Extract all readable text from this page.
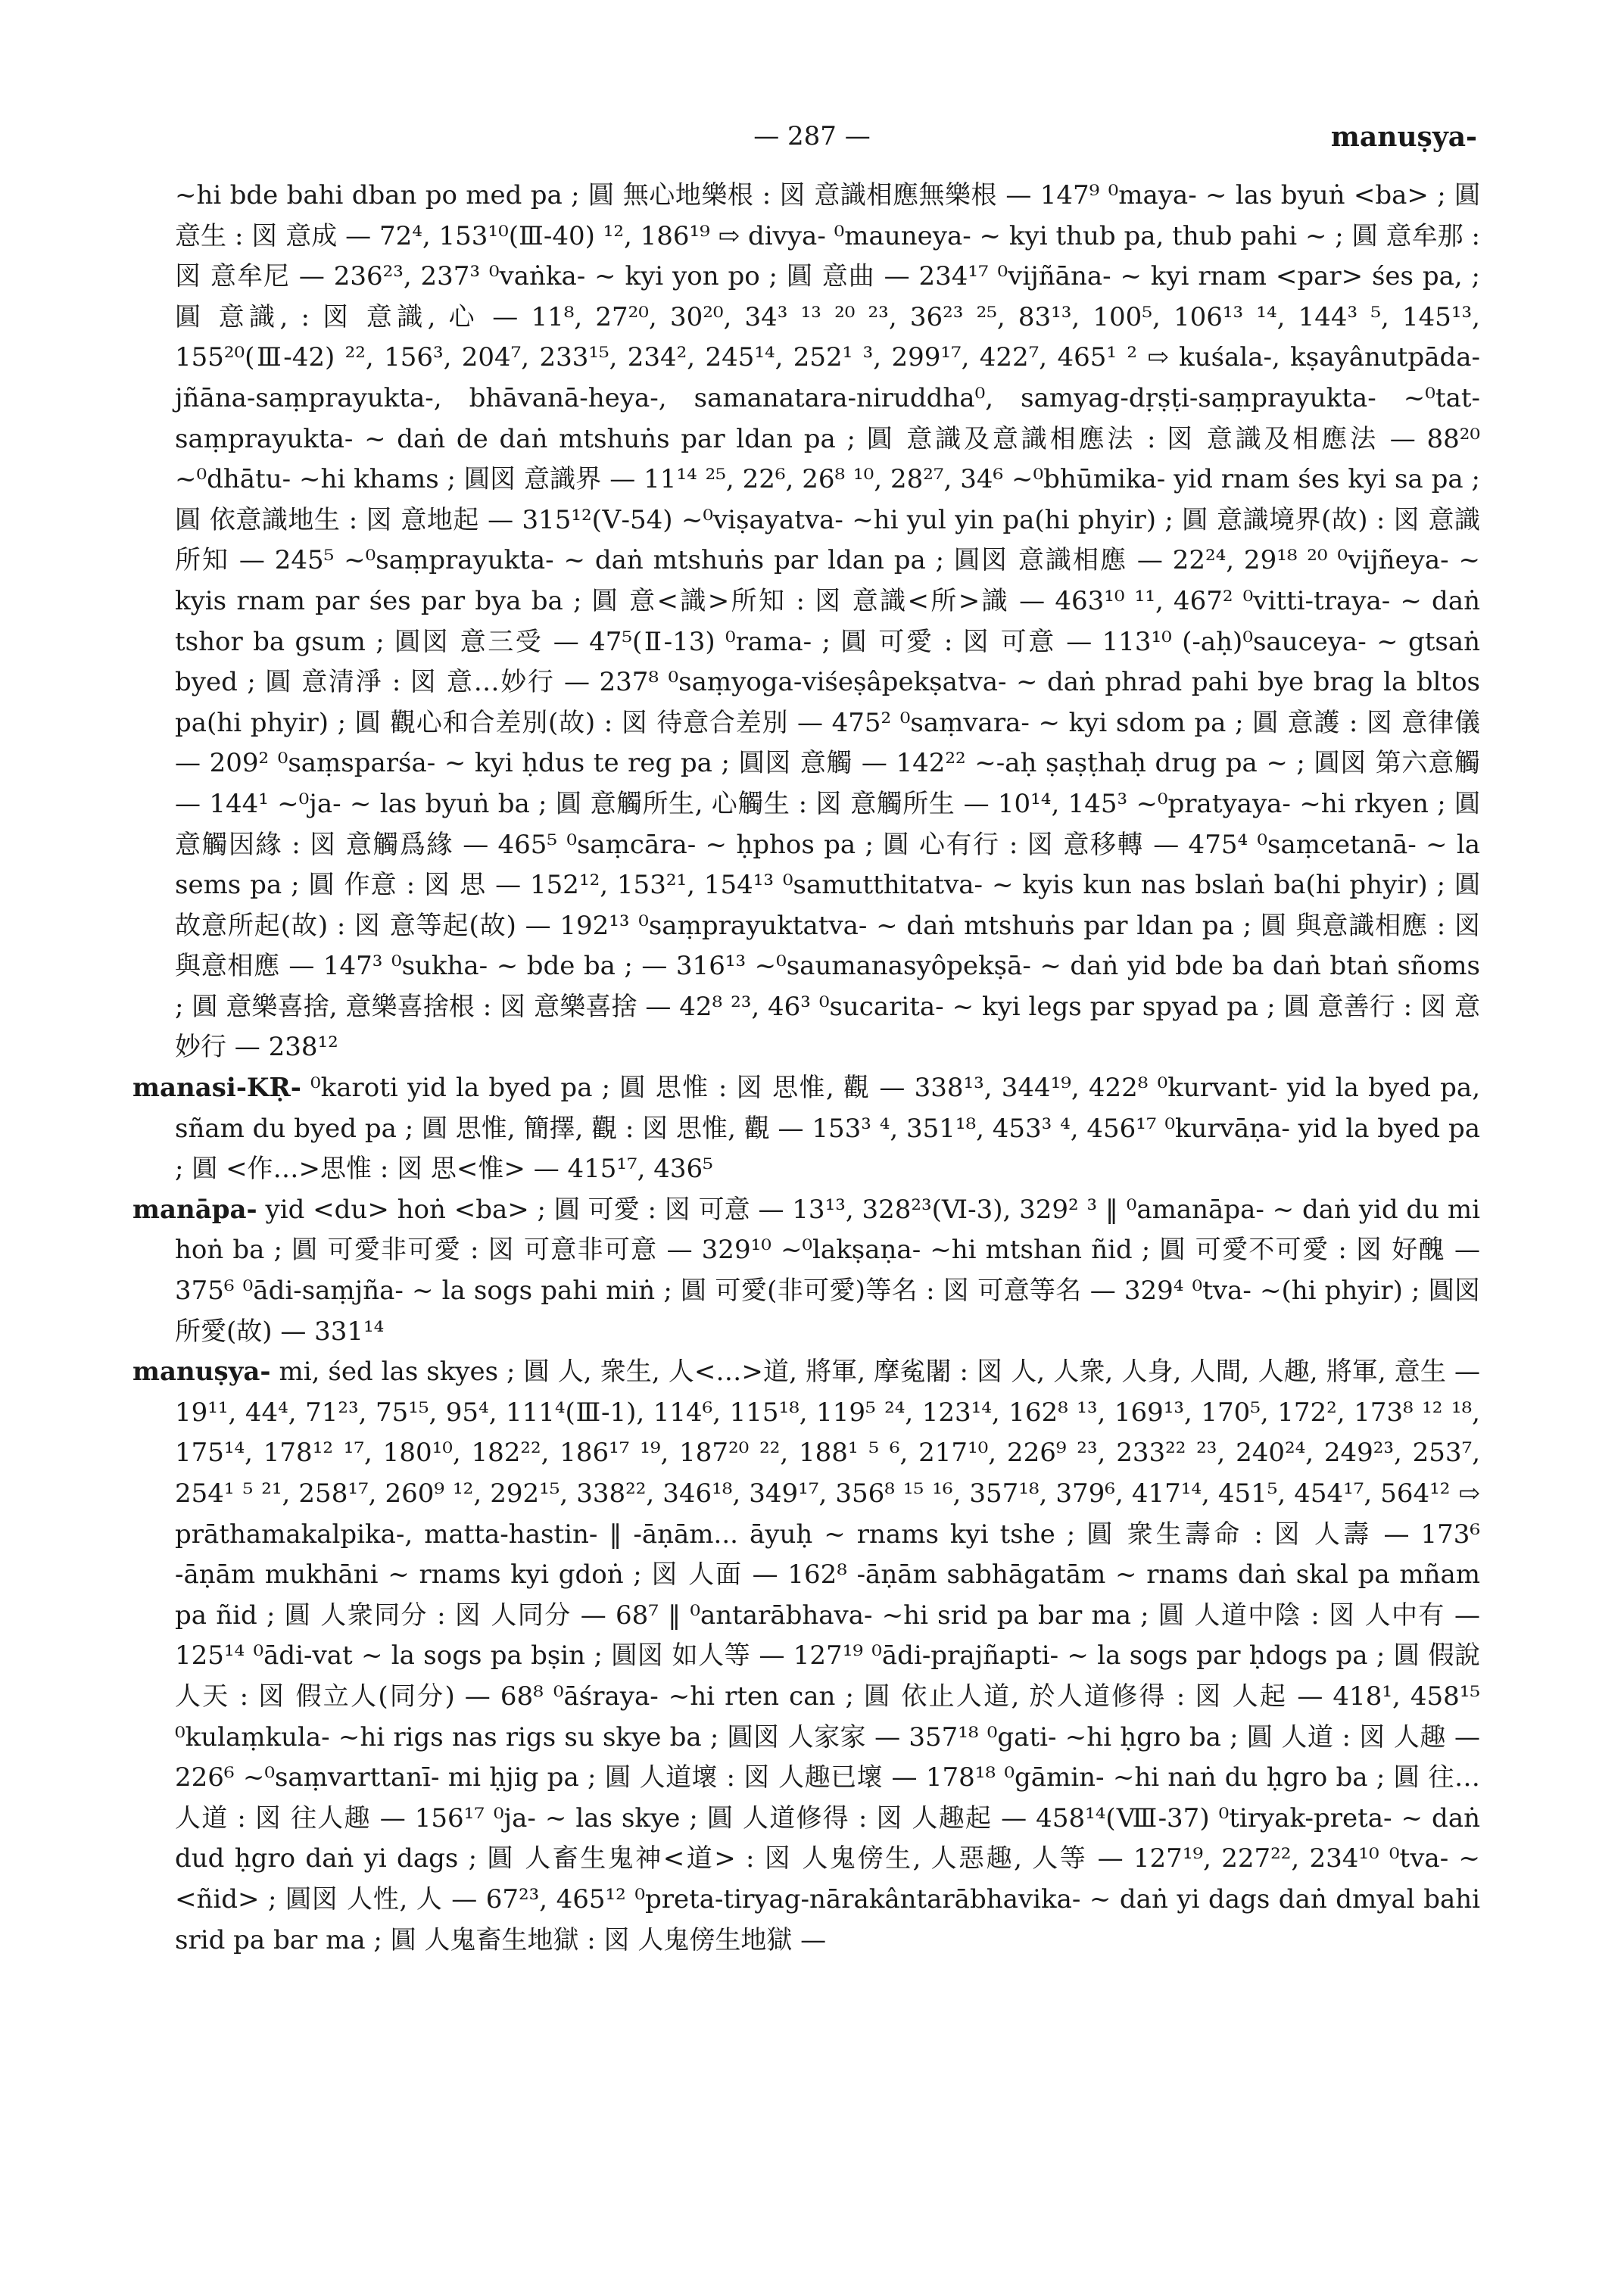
— 287 —	manuṣya-

~hi bde bahi dban po med pa ; 圓 無心地樂根 : 図 意識相應無樂根 — 147⁹ ⁰maya- ~ las byuṅ <ba> ; 圓 意生 : 図 意成 — 72⁴, 153¹⁰(Ⅲ-40) ¹², 186¹⁹ ⇨ divya- ⁰mauneya- ~ kyi thub pa, thub pahi ~ ; 圓 意牟那 : 図 意牟尼 — 236²³, 237³ ⁰vaṅka- ~ kyi yon po ; 圓 意曲 — 234¹⁷ ⁰vijñāna- ~ kyi rnam <par> śes pa, ; 圓 意識, : 図 意識, 心 — 11⁸, 27²⁰, 30²⁰, 34³ ¹³ ²⁰ ²³, 36²³ ²⁵, 83¹³, 100⁵, 106¹³ ¹⁴, 144³ ⁵, 145¹³, 155²⁰(Ⅲ-42) ²², 156³, 204⁷, 233¹⁵, 234², 245¹⁴, 252¹ ³, 299¹⁷, 422⁷, 465¹ ² ⇨ kuśala-, kṣayânutpāda-jñāna-saṃprayukta-, bhāvanā-heya-, samanatara-niruddha⁰, samyag-dṛṣṭi-saṃprayukta- ~⁰tat-saṃprayukta- ~ daṅ de daṅ mtshuṅs par ldan pa ; 圓 意識及意識相應法 : 図 意識及相應法 — 88²⁰ ~⁰dhātu- ~hi khams ; 圓図 意識界 — 11¹⁴ ²⁵, 22⁶, 26⁸ ¹⁰, 28²⁷, 34⁶ ~⁰bhūmika- yid rnam śes kyi sa pa ; 圓 依意識地生 : 図 意地起 — 315¹²(Ⅴ-54) ~⁰viṣayatva- ~hi yul yin pa(hi phyir) ; 圓 意識境界(故) : 図 意識所知 — 245⁵ ~⁰saṃprayukta- ~ daṅ mtshuṅs par ldan pa ; 圓図 意識相應 — 22²⁴, 29¹⁸ ²⁰ ⁰vijñeya- ~ kyis rnam par śes par bya ba ; 圓 意<識>所知 : 図 意識<所>識 — 463¹⁰ ¹¹, 467² ⁰vitti-traya- ~ daṅ tshor ba gsum ; 圓図 意三受 — 47⁵(Ⅱ-13) ⁰rama- ; 圓 可愛 : 図 可意 — 113¹⁰ (-aḥ)⁰sauceya- ~ gtsaṅ byed ; 圓 意清淨 : 図 意…妙行 — 237⁸ ⁰saṃyoga-viśeṣâpekṣatva- ~ daṅ phrad pahi bye brag la bltos pa(hi phyir) ; 圓 觀心和合差別(故) : 図 待意合差別 — 475² ⁰saṃvara- ~ kyi sdom pa ; 圓 意護 : 図 意律儀 — 209² ⁰saṃsparśa- ~ kyi ḥdus te reg pa ; 圓図 意觸 — 142²² ~-aḥ ṣaṣṭhaḥ drug pa ~ ; 圓図 第六意觸 — 144¹ ~⁰ja- ~ las byuṅ ba ; 圓 意觸所生, 心觸生 : 図 意觸所生 — 10¹⁴, 145³ ~⁰pratyaya- ~hi rkyen ; 圓 意觸因緣 : 図 意觸爲緣 — 465⁵ ⁰saṃcāra- ~ ḥphos pa ; 圓 心有行 : 図 意移轉 — 475⁴ ⁰saṃcetanā- ~ la sems pa ; 圓 作意 : 図 思 — 152¹², 153²¹, 154¹³ ⁰samutthitatva- ~ kyis kun nas bslaṅ ba(hi phyir) ; 圓 故意所起(故) : 図 意等起(故) — 192¹³ ⁰saṃprayuktatva- ~ daṅ mtshuṅs par ldan pa ; 圓 與意識相應 : 図 與意相應 — 147³ ⁰sukha- ~ bde ba ; — 316¹³ ~⁰saumanasyôpekṣā- ~ daṅ yid bde ba daṅ btaṅ sñoms ; 圓 意樂喜捨, 意樂喜捨根 : 図 意樂喜捨 — 42⁸ ²³, 46³ ⁰sucarita- ~ kyi legs par spyad pa ; 圓 意善行 : 図 意妙行 — 238¹²

manasi-KṚ- ⁰karoti yid la byed pa ; 圓 思惟 : 図 思惟, 觀 — 338¹³, 344¹⁹, 422⁸ ⁰kurvant- yid la byed pa, sñam du byed pa ; 圓 思惟, 簡擇, 觀 : 図 思惟, 觀 — 153³ ⁴, 351¹⁸, 453³ ⁴, 456¹⁷ ⁰kurvāṇa- yid la byed pa ; 圓 <作…>思惟 : 図 思<惟> — 415¹⁷, 436⁵

manāpa- yid <du> hoṅ <ba> ; 圓 可愛 : 図 可意 — 13¹³, 328²³(Ⅵ-3), 329² ³ ‖ ⁰amanāpa- ~ daṅ yid du mi hoṅ ba ; 圓 可愛非可愛 : 図 可意非可意 — 329¹⁰ ~⁰lakṣaṇa- ~hi mtshan ñid ; 圓 可愛不可愛 : 図 好醜 — 375⁶ ⁰ādi-saṃjña- ~ la sogs pahi miṅ ; 圓 可愛(非可愛)等名 : 図 可意等名 — 329⁴ ⁰tva- ~(hi phyir) ; 圓図 所愛(故) — 331¹⁴

manuṣya- mi, śed las skyes ; 圓 人, 衆生, 人<…>道, 將軍, 摩㝹闍 : 図 人, 人衆, 人身, 人間, 人趣, 將軍, 意生 — 19¹¹, 44⁴, 71²³, 75¹⁵, 95⁴, 111⁴(Ⅲ-1), 114⁶, 115¹⁸, 119⁵ ²⁴, 123¹⁴, 162⁸ ¹³, 169¹³, 170⁵, 172², 173⁸ ¹² ¹⁸, 175¹⁴, 178¹² ¹⁷, 180¹⁰, 182²², 186¹⁷ ¹⁹, 187²⁰ ²², 188¹ ⁵ ⁶, 217¹⁰, 226⁹ ²³, 233²² ²³, 240²⁴, 249²³, 253⁷, 254¹ ⁵ ²¹, 258¹⁷, 260⁹ ¹², 292¹⁵, 338²², 346¹⁸, 349¹⁷, 356⁸ ¹⁵ ¹⁶, 357¹⁸, 379⁶, 417¹⁴, 451⁵, 454¹⁷, 564¹² ⇨ prāthamakalpika-, matta-hastin- ‖ -āṇām... āyuḥ ~ rnams kyi tshe ; 圓 衆生壽命 : 図 人壽 — 173⁶ -āṇām mukhāni ~ rnams kyi gdoṅ ; 図 人面 — 162⁸ -āṇām sabhāgatām ~ rnams daṅ skal pa mñam pa ñid ; 圓 人衆同分 : 図 人同分 — 68⁷ ‖ ⁰antarābhava- ~hi srid pa bar ma ; 圓 人道中陰 : 図 人中有 — 125¹⁴ ⁰ādi-vat ~ la sogs pa bṣin ; 圓図 如人等 — 127¹⁹ ⁰ādi-prajñapti- ~ la sogs par ḥdogs pa ; 圓 假說人天 : 図 假立人(同分) — 68⁸ ⁰āśraya- ~hi rten can ; 圓 依止人道, 於人道修得 : 図 人起 — 418¹, 458¹⁵ ⁰kulaṃkula- ~hi rigs nas rigs su skye ba ; 圓図 人家家 — 357¹⁸ ⁰gati- ~hi ḥgro ba ; 圓 人道 : 図 人趣 — 226⁶ ~⁰saṃvarttanī- mi ḥjig pa ; 圓 人道壞 : 図 人趣已壞 — 178¹⁸ ⁰gāmin- ~hi naṅ du ḥgro ba ; 圓 往…人道 : 図 往人趣 — 156¹⁷ ⁰ja- ~ las skye ; 圓 人道修得 : 図 人趣起 — 458¹⁴(Ⅷ-37) ⁰tiryak-preta- ~ daṅ dud ḥgro daṅ yi dags ; 圓 人畜生鬼神<道> : 図 人鬼傍生, 人惡趣, 人等 — 127¹⁹, 227²², 234¹⁰ ⁰tva- ~ <ñid> ; 圓図 人性, 人 — 67²³, 465¹² ⁰preta-tiryag-nārakântarābhavika- ~ daṅ yi dags daṅ dmyal bahi srid pa bar ma ; 圓 人鬼畜生地獄 : 図 人鬼傍生地獄 —
